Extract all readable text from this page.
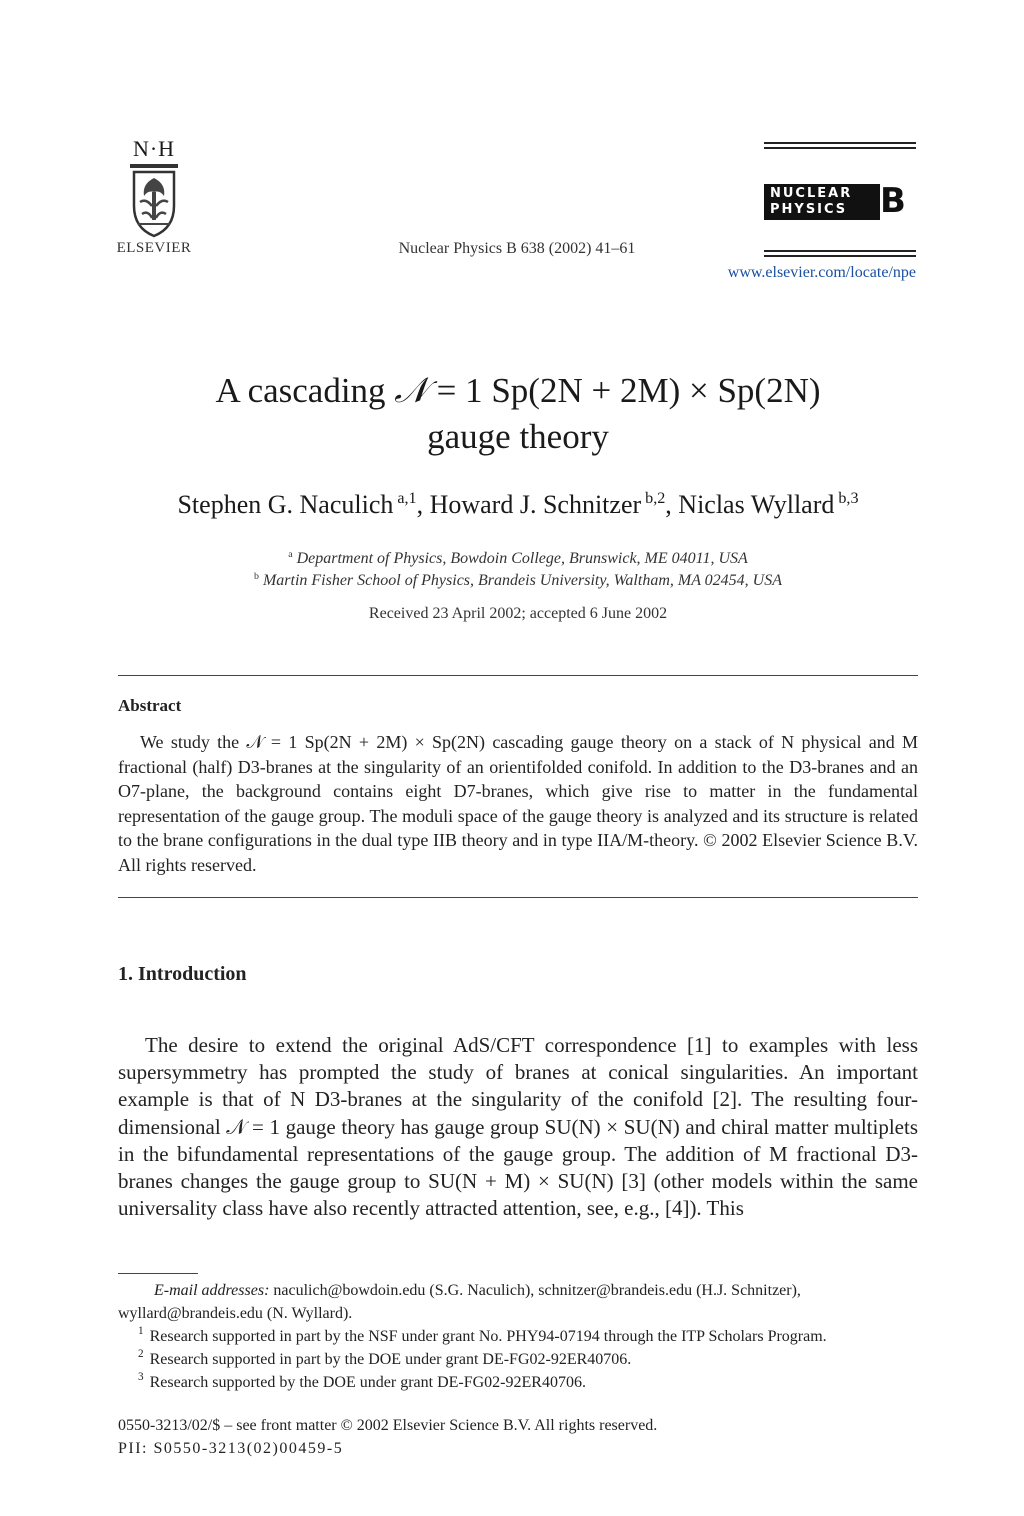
N·H
ELSEVIER	Nuclear Physics B 638 (2002) 41–61
NUCLEAR
PHYSICS B
www.elsevier.com/locate/npe
A cascading 𝒩 = 1 Sp(2N + 2M) × Sp(2N)
gauge theory
Stephen G. Naculich $^{a,1}$, Howard J. Schnitzer $^{b,2}$, Niclas Wyllard $^{b,3}$
$^a$ Department of Physics, Bowdoin College, Brunswick, ME 04011, USA
$^b$ Martin Fisher School of Physics, Brandeis University, Waltham, MA 02454, USA
Received 23 April 2002; accepted 6 June 2002
Abstract

We study the 𝒩 = 1 Sp(2N + 2M) × Sp(2N) cascading gauge theory on a stack of N physical and M fractional (half) D3-branes at the singularity of an orientifolded conifold. In addition to the D3-branes and an O7-plane, the background contains eight D7-branes, which give rise to matter in the fundamental representation of the gauge group. The moduli space of the gauge theory is analyzed and its structure is related to the brane configurations in the dual type IIB theory and in type IIA/M-theory. © 2002 Elsevier Science B.V. All rights reserved.

1. Introduction

The desire to extend the original AdS/CFT correspondence [1] to examples with less supersymmetry has prompted the study of branes at conical singularities. An important example is that of N D3-branes at the singularity of the conifold [2]. The resulting four-dimensional 𝒩 = 1 gauge theory has gauge group SU(N) × SU(N) and chiral matter multiplets in the bifundamental representations of the gauge group. The addition of M fractional D3-branes changes the gauge group to SU(N + M) × SU(N) [3] (other models within the same universality class have also recently attracted attention, see, e.g., [4]). This

E-mail addresses: naculich@bowdoin.edu (S.G. Naculich), schnitzer@brandeis.edu (H.J. Schnitzer), wyllard@brandeis.edu (N. Wyllard).

$^1$ Research supported in part by the NSF under grant No. PHY94-07194 through the ITP Scholars Program.

$^2$ Research supported in part by the DOE under grant DE-FG02-92ER40706.

$^3$ Research supported by the DOE under grant DE-FG02-92ER40706.

0550-3213/02/$ – see front matter © 2002 Elsevier Science B.V. All rights reserved.
PII: S0550-3213(02)00459-5
